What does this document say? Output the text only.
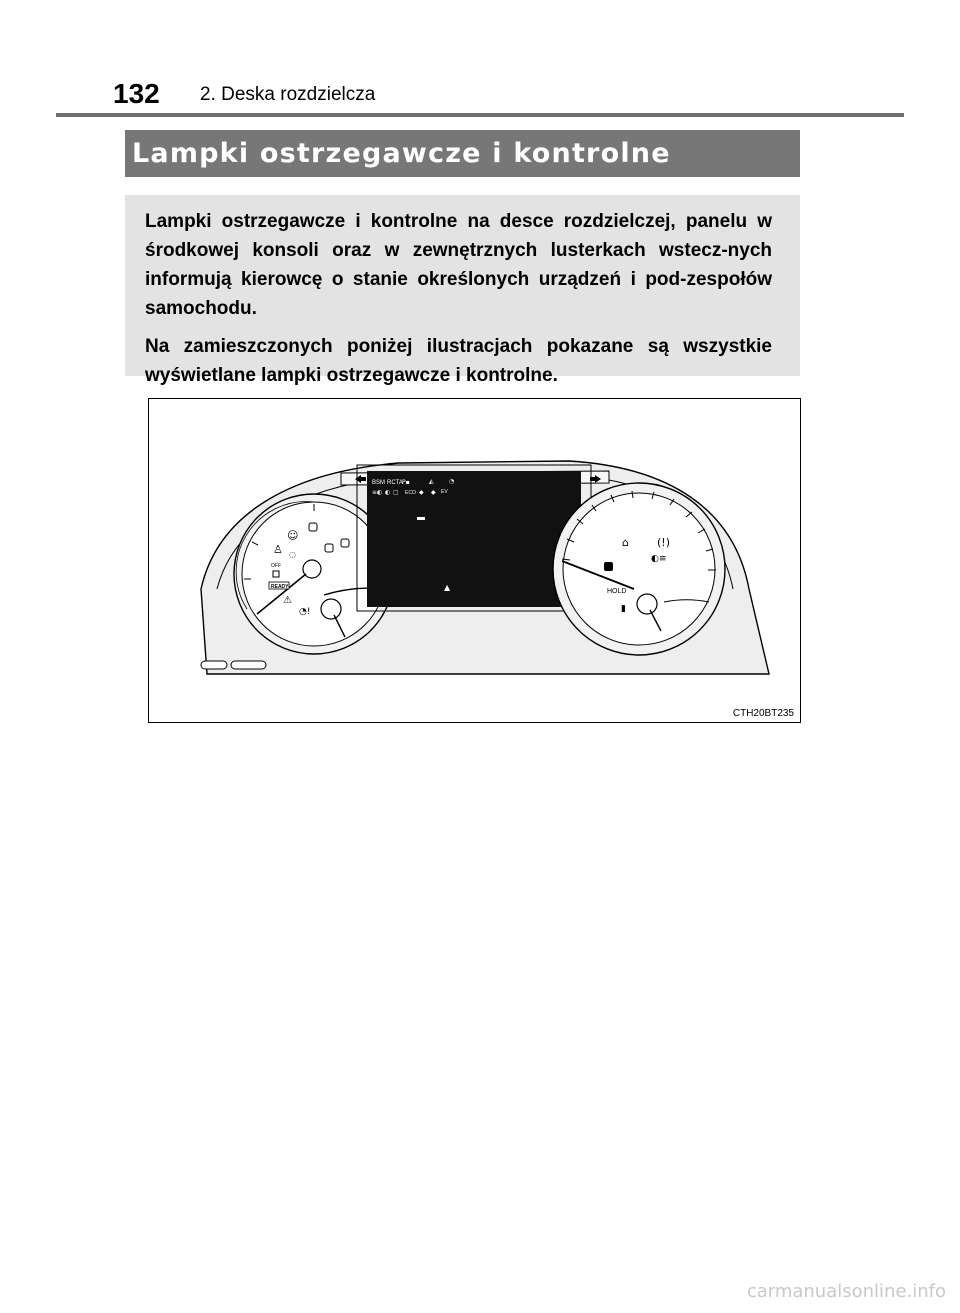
132 2. Deska rozdzielcza
Lampki ostrzegawcze i kontrolne

Lampki ostrzegawcze i kontrolne na desce rozdzielczej, panelu w środkowej konsoli oraz w zewnętrznych lusterkach wstecz-nych informują kierowcę o stanie określonych urządzeń i pod-zespołów samochodu.

Na zamieszczonych poniżej ilustracjach pokazane są wszystkie wyświetlane lampki ostrzegawcze i kontrolne.

☺
♙ ◌
OFF
READY
⚠
◔!
BSM RCTA P▪	◭	◔
≡◐ ◐ ▢ ECO ◆ ◆ EV
▲
⌂	(!)
◐≡
HOLD
▮
CTH20BT235
carmanualsonline.info
